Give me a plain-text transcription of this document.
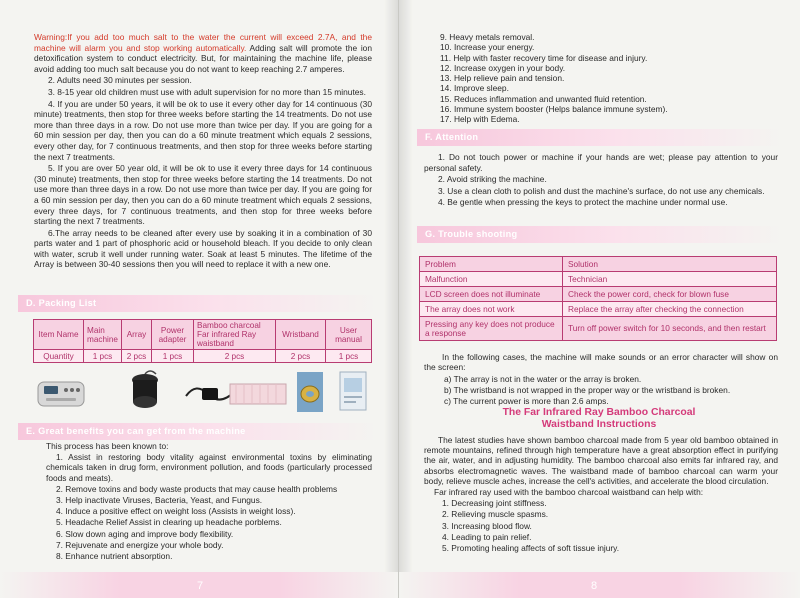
Warning:If you add too much salt to the water the current will exceed 2.7A, and the machine will alarm you and stop working automatically. Adding salt will promote the ion detoxification system to conduct electricity. But, for maintaining the machine life, please avoid adding too much salt because you do not want to keep reaching 2.7 amperes.

2. Adults need 30 minutes per session.

3. 8-15 year old children must use with adult supervision for no more than 15 minutes.

4. If you are under 50 years, it will be ok to use it every other day for 14 continuous (30 minute) treatments, then stop for three weeks before starting the 14 treatments. Do not use more than three days in a row. Do not use more than twice per day. If you are going for a 60 min session per day, then you can do a 60 minute treatment which equals 2 sessions, every other day, for 7 continuous treatments, and then stop for three weeks before starting the next 7 treatments.

5. If you are over 50 year old, it will be ok to use it every three days for 14 continuous (30 minute) treatments, then stop for three weeks before starting the 14 treatments. Do not use more than three days in a row. Do not use more than twice per day. If you are going for a 60 min session per day, then you can do a 60 minute treatment which equals 2 sessions, every three days, for 7 continuous treatments, and then stop for three weeks before starting the next 7 treatments.

6.The array needs to be cleaned after every use by soaking it in a combination of 30 parts water and 1 part of phosphoric acid or household bleach. If you decide to only clean with water, scrub it well under running water. Soak at least 5 minutes. The lifetime of the Array is between 30-40 sessions then you will need to replace it with a new one.

D. Packing List
Item Name	Main machine	Array	Power adapter	Bamboo charcoal Far infrared Ray waistband	Wristband	User manual
Quantity	1 pcs	2 pcs	1 pcs	2 pcs	2 pcs	1 pcs
E. Great benefits you can get from the machine

This process has been known to:

1. Assist in restoring body vitality against environmental toxins by eliminating chemicals taken in drug form, environment pollution, and foods (particularly processed foods and meats).

2. Remove toxins and body waste products that may cause health problems

3. Help inactivate Viruses, Bacteria, Yeast, and Fungus.

4. Induce a positive effect on weight loss (Assists in weight loss).

5. Headache Relief Assist in clearing up headache porblems.

6. Slow down aging and improve body flexibility.

7. Rejuvenate and energize your whole body.

8. Enhance nutrient absorption.

7	8

9. Heavy metals removal.

10. Increase your energy.

11. Help with faster recovery time for disease and injury.

12. Increase oxygen in your body.

13. Help relieve pain and tension.

14. Improve sleep.

15. Reduces inflammation and unwanted fluid retention.

16. Immune system booster (Helps balance immune system).

17. Help with Edema.

F. Attention

1. Do not touch power or machine if your hands are wet; please pay attention to your personal safety.

2. Avoid striking the machine.

3. Use a clean cloth to polish and dust the machine's surface, do not use any chemicals.

4. Be gentle when pressing the keys to protect the machine under normal use.

G. Trouble shooting
Problem	Solution
Malfunction	Technician
LCD screen does not illuminate	Check the power cord, check for blown fuse
The array does not work	Replace the array after checking the connection
Pressing any key does not produce a response	Turn off power switch for 10 seconds, and then restart

In the following cases, the machine will make sounds or an error character will show on the screen:

a) The array is not in the water or the array is broken.

b) The wristband is not wrapped in the proper way or the wristband is broken.

c) The current power is more than 2.6 amps.

The Far Infrared Ray Bamboo Charcoal
Waistband Instructions

The latest studies have shown bamboo charcoal made from 5 year old bamboo obtained in remote mountains, refined through high temperature have a great absorption effect in purifying the air, water, and in adjusting humidity. The bamboo charcoal also emits far infrared ray, and absorbs electromagnetic waves. The waistband made of bamboo charcoal can warm your body, relieve muscle aches, increase the cell's activities, and accelerate the blood circulation.

Far infrared ray used with the bamboo charcoal waistband can help with:

1. Decreasing joint stiffness.

2. Relieving muscle spasms.

3. Increasing blood flow.

4. Leading to pain relief.

5. Promoting healing affects of soft tissue injury.
